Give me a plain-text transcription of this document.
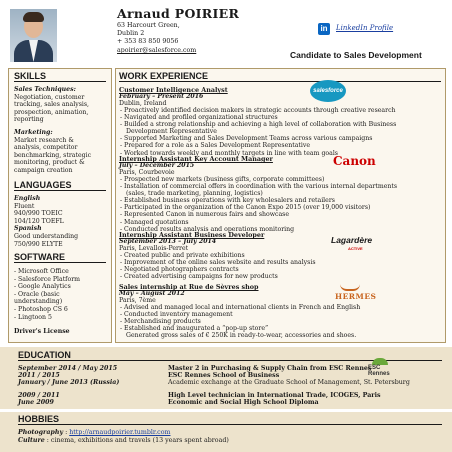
Arnaud POIRIER
63 Harcourt Green,
Dublin 2
+ 353 83 850 9056
apoirier@salesforce.com
in	LinkedIn Profile
Candidate to Sales Development
SKILLS
Sales Techniques:
Negotiation, customer
tracking, sales analysis,
prospection, animation,
reporting
Marketing:
Market research &
analysis, competitor
benchmarking, strategic
monitoring, product &
campaign creation
LANGUAGES
English
Fluent
940/990 TOEIC
104/120 TOEFL
Spanish
Good understanding
750/990 ELYTE
SOFTWARE
- Microsoft Office
- Salesforce Platform
- Google Analytics
- Oracle (basic
understanding)
- Photoshop CS 6
- Lingtoon 5
Driver's License
WORK EXPERIENCE
Customer Intelligence Analyst
February – Present 2016
Dublin, Ireland
salesforce
- Proactively identified decision makers in strategic accounts through creative research
- Navigated and profiled organizational structures
- Builded a strong relationship and achieving a high level of collaboration with Business
Development Representative
- Supported Marketing and Sales Development Teams across various campaigns
- Prepared for a role as a Sales Development Representative
- Worked towards weekly and monthly targets in line with team goals
Internship Assistant Key Account Manager
July – December 2015
Paris, Courbevoie
Canon
- Prospected new markets (business gifts, corporate committees)
- Installation of commercial offers in coordination with the various internal departments
(sales, trade marketing, planning, logistics)
- Established business operations with key wholesalers and retailers
- Participated in the organization of the Canon Expo 2015 (over 19,000 visitors)
- Represented Canon in numerous fairs and showcase
- Managed quotations
- Conducted results analysis and operations monitoring
Internship Assistant Business Developer
September 2013 – July 2014
Paris, Levallois-Perret
Lagardère
ACTIVE
- Created public and private exhibitions
- Improvement of the online sales website and results analysis
- Negotiated photographers contracts
- Created advertising campaigns for new products
Sales internship at Rue de Sèvres shop
May – August 2012
Paris, 7ème	HERMES
- Advised and managed local and international clients in French and English
- Conducted inventory management
- Merchandising products
- Established and inaugurated a “pop-up store”
Generated gross sales of € 250K in ready-to-wear, accessories and shoes.
EDUCATION
ESC Rennes
September 2014 / May 2015	Master 2 in Purchasing & Supply Chain from ESC Rennes
2011 / 2015	ESC Rennes School of Business
January / June 2013 (Russia)	Academic exchange at the Graduate School of Management, St. Petersburg
2009 / 2011	High Level technician in International Trade, ICOGES, Paris
June 2009	Economic and Social High School Diploma
HOBBIES
Photography : http://arnaudpoirier.tumblr.com
Culture : cinema, exhibitions and travels (13 years spent abroad)
